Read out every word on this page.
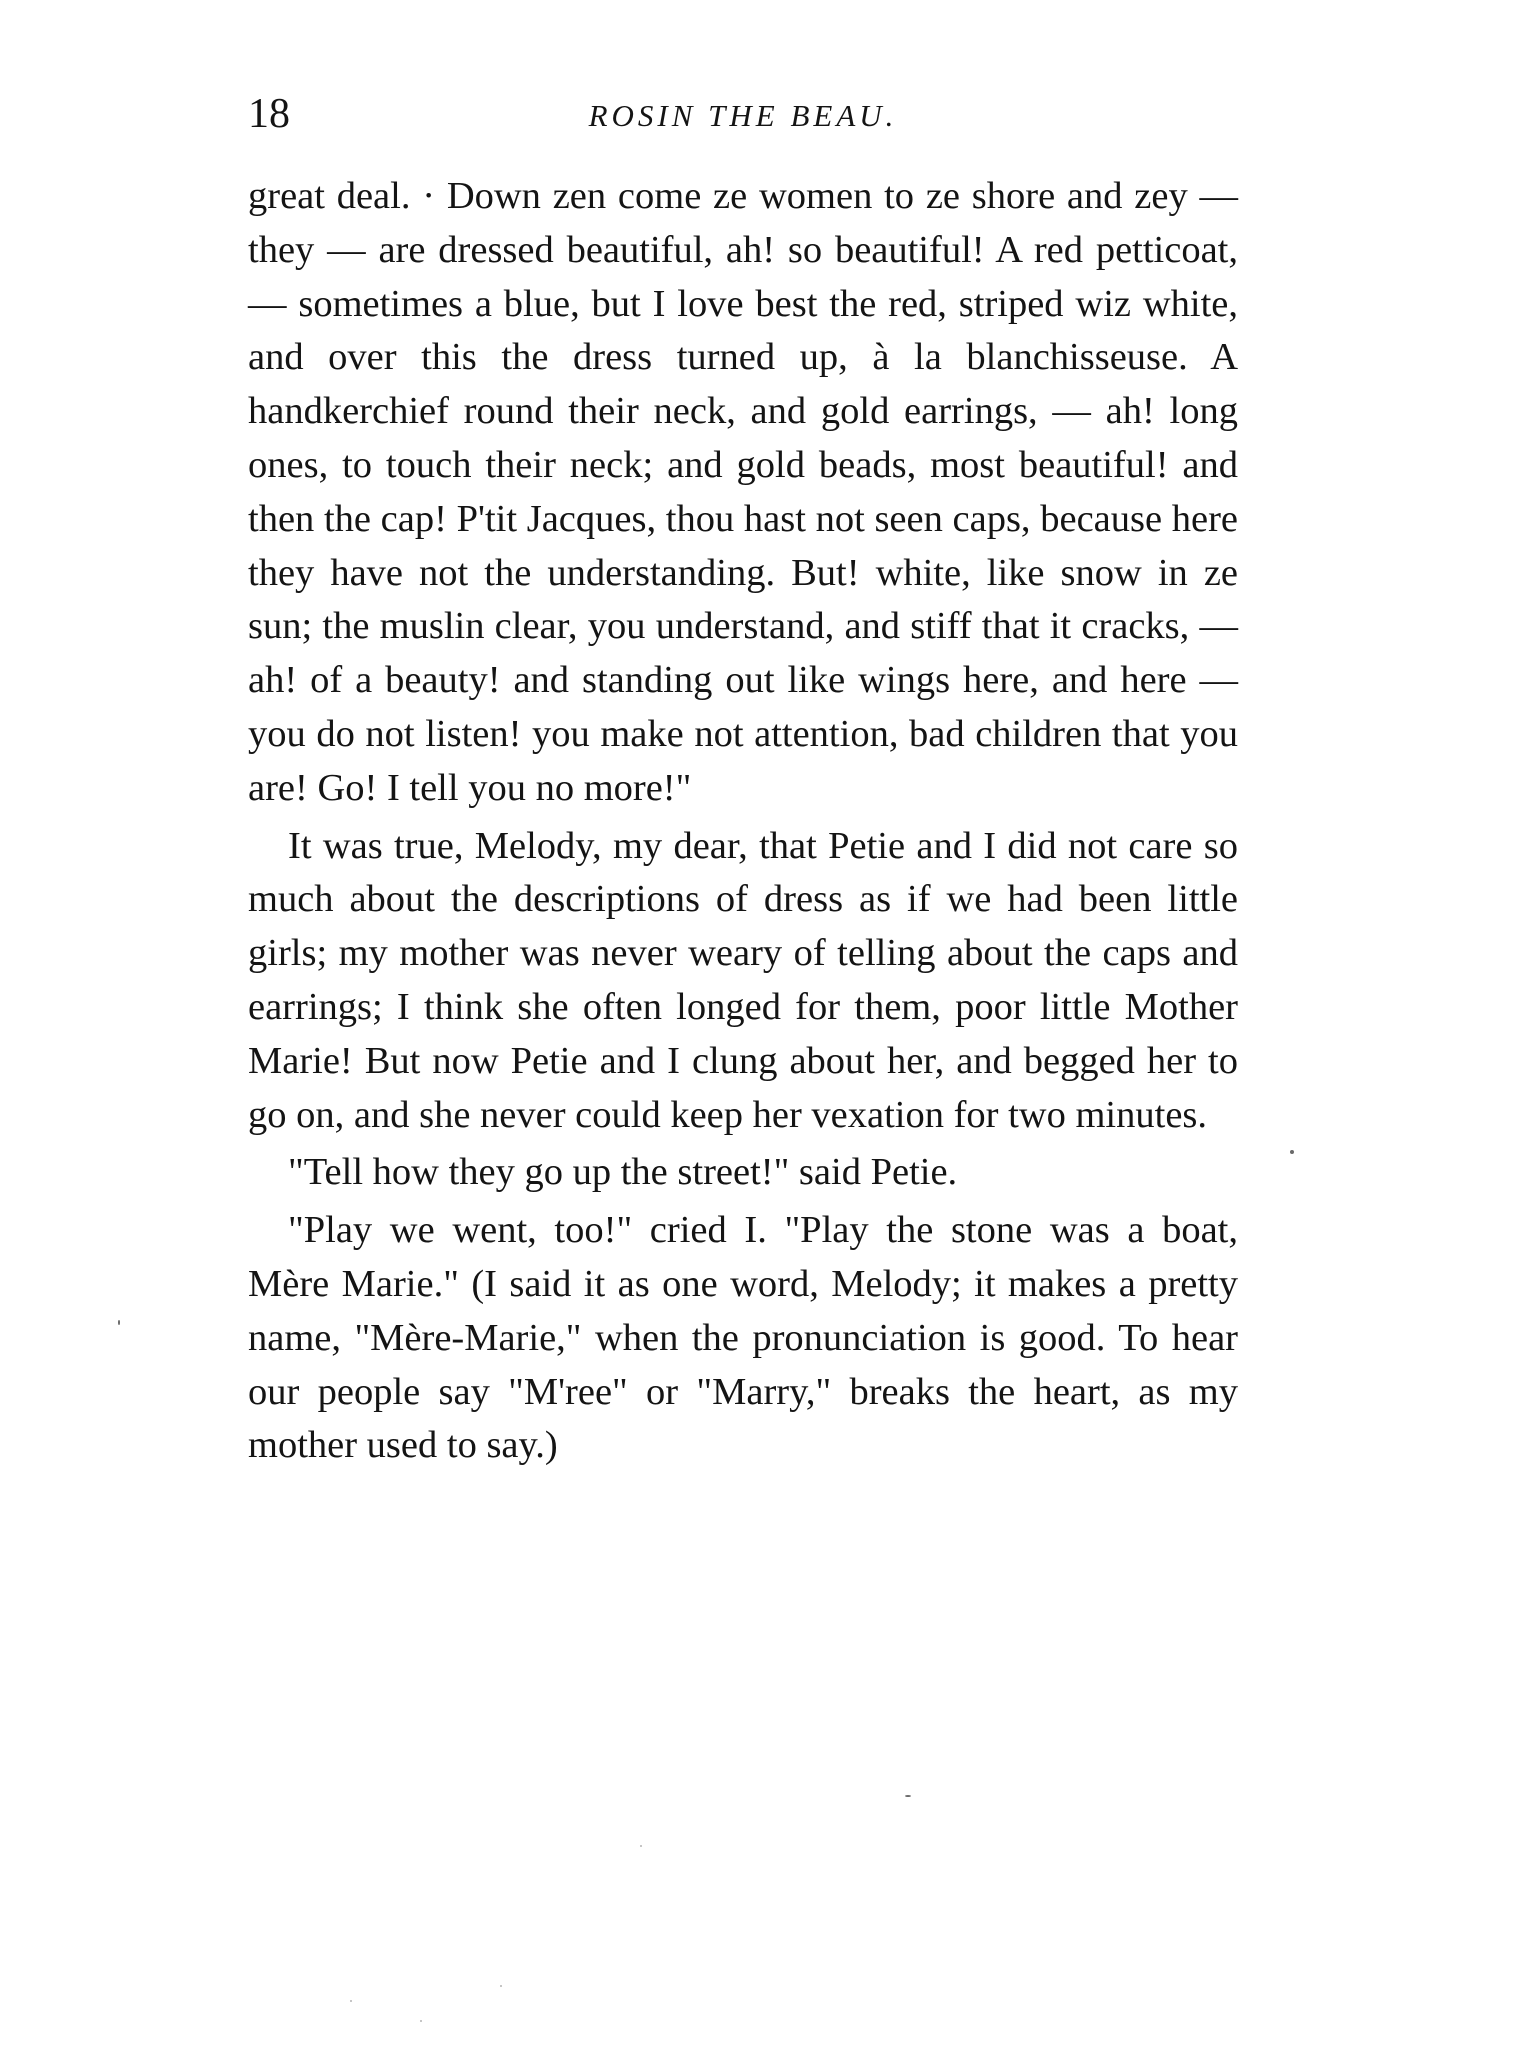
18	ROSIN THE BEAU.

great deal. · Down zen come ze women to ze shore and zey — they — are dressed beautiful, ah! so beautiful! A red petticoat, — sometimes a blue, but I love best the red, striped wiz white, and over this the dress turned up, à la blanchisseuse. A handkerchief round their neck, and gold earrings, — ah! long ones, to touch their neck; and gold beads, most beautiful! and then the cap! P'tit Jacques, thou hast not seen caps, because here they have not the understanding. But! white, like snow in ze sun; the muslin clear, you understand, and stiff that it cracks, — ah! of a beauty! and standing out like wings here, and here — you do not listen! you make not attention, bad children that you are! Go! I tell you no more!"

It was true, Melody, my dear, that Petie and I did not care so much about the descriptions of dress as if we had been little girls; my mother was never weary of telling about the caps and earrings; I think she often longed for them, poor little Mother Marie! But now Petie and I clung about her, and begged her to go on, and she never could keep her vexation for two minutes.

"Tell how they go up the street!" said Petie.

"Play we went, too!" cried I. "Play the stone was a boat, Mère Marie." (I said it as one word, Melody; it makes a pretty name, "Mère-Marie," when the pronunciation is good. To hear our people say "M'ree" or "Marry," breaks the heart, as my mother used to say.)
